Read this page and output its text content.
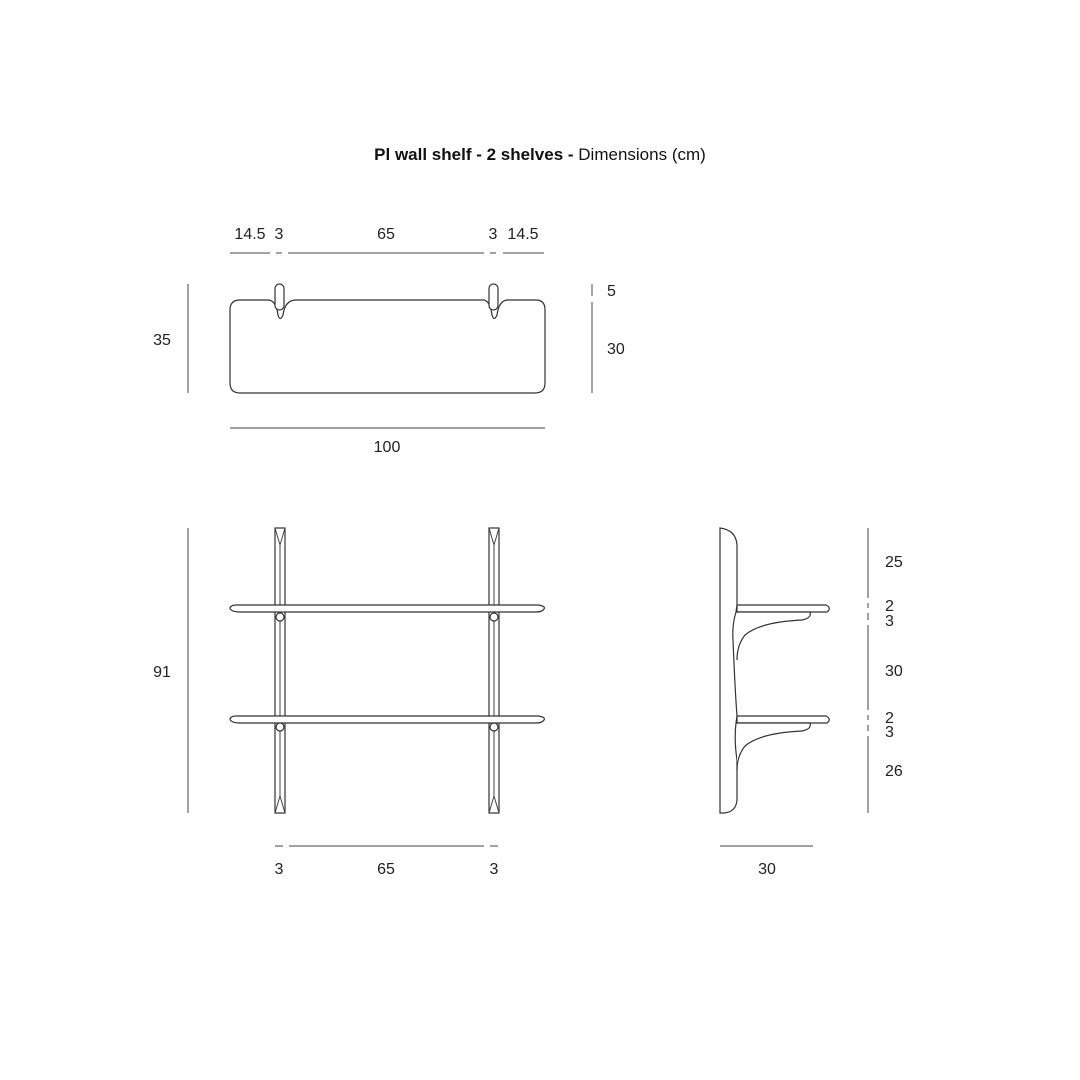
Pl wall shelf - 2 shelves - Dimensions (cm)
14.5 3	65	3 14.5
35
5
30
100
91
3	65	3
25
2
3
30
2
3
26
30
